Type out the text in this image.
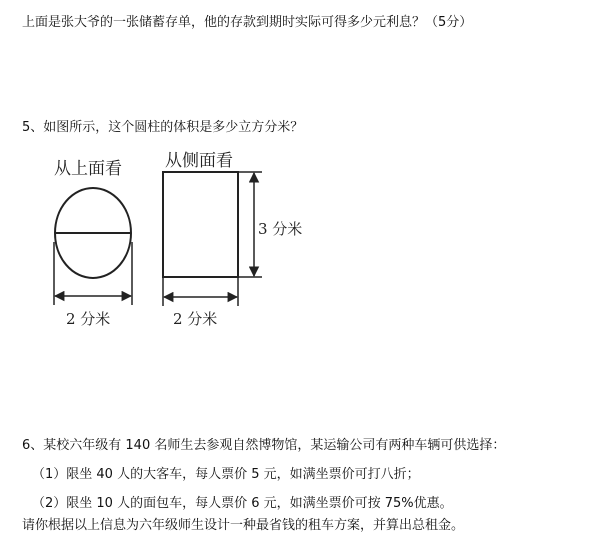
上面是张大爷的一张储蓄存单，他的存款到期时实际可得多少元利息？（5分）
5、如图所示，这个圆柱的体积是多少立方分米？
从上面看	从侧面看
2 分米	2 分米
3 分米
6、某校六年级有 140 名师生去参观自然博物馆，某运输公司有两种车辆可供选择：
（1）限坐 40 人的大客车，每人票价 5 元，如满坐票价可打八折；
（2）限坐 10 人的面包车，每人票价 6 元，如满坐票价可按 75%优惠。
请你根据以上信息为六年级师生设计一种最省钱的租车方案，并算出总租金。
